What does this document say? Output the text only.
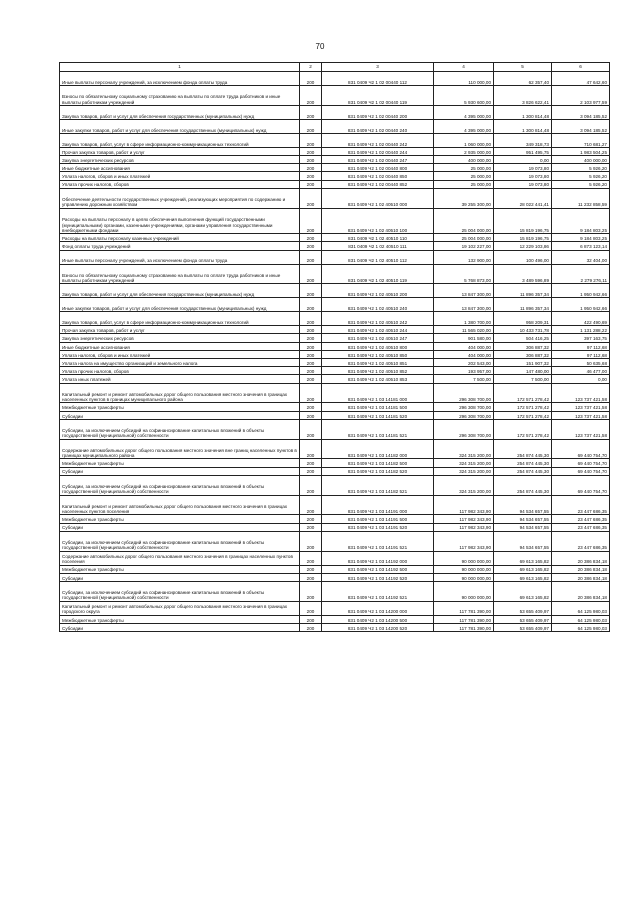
70
1	2	3	4	5	6
Иные выплаты персоналу учреждений, за исключением фонда оплаты труда	200	831 0409 Ч2 1 02 00440 112	110 000,00	62 357,40	47 642,60
Взносы по обязательному социальному страхованию на выплаты по оплате труда работников и иные выплаты работникам учреждений	200	831 0409 Ч2 1 02 00440 119	5 930 600,00	3 826 622,41	2 103 977,59
Закупка товаров, работ и услуг для обеспечения государственных (муниципальных) нужд	200	831 0409 Ч2 1 02 00440 200	4 395 000,00	1 300 814,48	3 094 185,52
Иные закупки товаров, работ и услуг для обеспечения государственных (муниципальных) нужд	200	831 0409 Ч2 1 02 00440 240	4 395 000,00	1 300 814,48	3 094 185,52
Закупка товаров, работ, услуг в сфере информационно-коммуникационных технологий	200	831 0409 Ч2 1 02 00440 242	1 060 000,00	349 318,73	710 681,27
Прочая закупка товаров, работ и услуг	200	831 0409 Ч2 1 02 00440 244	2 935 000,00	951 495,75	1 983 504,25
Закупка энергетических ресурсов	200	831 0409 Ч2 1 02 00440 247	400 000,00	0,00	400 000,00
Иные бюджетные ассигнования	200	831 0409 Ч2 1 02 00440 800	25 000,00	19 073,80	5 926,20
Уплата налогов, сборов и иных платежей	200	831 0409 Ч2 1 02 00440 850	25 000,00	19 073,80	5 926,20
Уплата прочих налогов, сборов	200	831 0409 Ч2 1 02 00440 852	25 000,00	19 073,80	5 926,20
Обеспечение деятельности государственных учреждений, реализующих мероприятия по содержанию и управлению дорожным хозяйством	200	831 0409 Ч2 1 02 40510 000	39 255 300,00	28 022 441,41	11 232 858,59
Расходы на выплаты персоналу в целях обеспечения выполнения функций государственными (муниципальными) органами, казенными учреждениями, органами управления государственными внебюджетными фондами	200	831 0409 Ч2 1 02 40510 100	25 004 000,00	15 819 196,75	9 184 803,25
Расходы на выплаты персоналу казенных учреждений	200	831 0409 Ч2 1 02 40510 110	25 004 000,00	15 819 196,75	9 184 803,25
Фонд оплаты труда учреждений	200	831 0409 Ч2 1 02 40510 111	19 102 227,00	12 229 103,86	6 873 123,14
Иные выплаты персоналу учреждений, за исключением фонда оплаты труда	200	831 0409 Ч2 1 02 40510 112	132 900,00	100 496,00	32 404,00
Взносы по обязательному социальному страхованию на выплаты по оплате труда работников и иные выплаты работникам учреждений	200	831 0409 Ч2 1 02 40510 119	5 768 873,00	3 489 596,89	2 279 276,11
Закупка товаров, работ и услуг для обеспечения государственных (муниципальных) нужд	200	831 0409 Ч2 1 02 40510 200	13 847 300,00	11 896 357,34	1 950 942,66
Иные закупки товаров, работ и услуг для обеспечения государственных (муниципальных) нужд	200	831 0409 Ч2 1 02 40510 240	13 847 300,00	11 896 357,34	1 950 942,66
Закупка товаров, работ, услуг в сфере информационно-коммуникационных технологий	200	831 0409 Ч2 1 02 40510 242	1 380 700,00	958 209,31	422 490,69
Прочая закупка товаров, работ и услуг	200	831 0409 Ч2 1 02 40510 244	11 565 020,00	10 433 731,78	1 131 288,22
Закупка энергетических ресурсов	200	831 0409 Ч2 1 02 40510 247	901 580,00	504 416,25	397 163,75
Иные бюджетные ассигнования	200	831 0409 Ч2 1 02 40510 800	404 000,00	306 887,32	97 112,68
Уплата налогов, сборов и иных платежей	200	831 0409 Ч2 1 02 40510 850	404 000,00	306 887,32	97 112,68
Уплата налога на имущество организаций и земельного налога	200	831 0409 Ч2 1 02 40510 851	202 543,00	151 907,32	50 635,68
Уплата прочих налогов, сборов	200	831 0409 Ч2 1 02 40510 852	193 957,00	147 480,00	46 477,00
Уплата иных платежей	200	831 0409 Ч2 1 02 40510 853	7 500,00	7 500,00	0,00
Капитальный ремонт и ремонт автомобильных дорог общего пользования местного значения в границах населенных пунктов в границах муниципального района	200	831 0409 Ч2 1 03 14181 000	296 308 700,00	172 571 278,42	123 737 421,58
Межбюджетные трансферты	200	831 0409 Ч2 1 03 14181 500	296 308 700,00	172 571 278,42	123 737 421,58
Субсидии	200	831 0409 Ч2 1 03 14181 520	296 308 700,00	172 571 278,42	123 737 421,58
Субсидии, за исключением субсидий на софинансирование капитальных вложений в объекты государственной (муниципальной) собственности	200	831 0409 Ч2 1 03 14181 521	296 308 700,00	172 571 278,42	123 737 421,58
Содержание автомобильных дорог общего пользования местного значения вне границ населенных пунктов в границах муниципального района	200	831 0409 Ч2 1 03 14182 000	324 315 200,00	254 874 445,30	69 440 754,70
Межбюджетные трансферты	200	831 0409 Ч2 1 03 14182 500	324 315 200,00	254 874 445,30	69 440 754,70
Субсидии	200	831 0409 Ч2 1 03 14182 520	324 315 200,00	254 874 445,30	69 440 754,70
Субсидии, за исключением субсидий на софинансирование капитальных вложений в объекты государственной (муниципальной) собственности	200	831 0409 Ч2 1 03 14182 521	324 315 200,00	254 874 445,30	69 440 754,70
Капитальный ремонт и ремонт автомобильных дорог общего пользования местного значения в границах населенных пунктов поселения	200	831 0409 Ч2 1 03 14191 000	117 982 343,90	94 534 657,55	23 447 686,35
Межбюджетные трансферты	200	831 0409 Ч2 1 03 14191 500	117 982 343,90	94 534 657,55	23 447 686,35
Субсидии	200	831 0409 Ч2 1 03 14191 520	117 982 343,90	94 534 657,55	23 447 686,35
Субсидии, за исключением субсидий на софинансирование капитальных вложений в объекты государственной (муниципальной) собственности	200	831 0409 Ч2 1 03 14191 521	117 982 343,90	94 534 657,55	23 447 686,35
Содержание автомобильных дорог общего пользования местного значения в границах населенных пунктов поселения	200	831 0409 Ч2 1 03 14192 000	90 000 000,00	69 613 165,82	20 386 834,18
Межбюджетные трансферты	200	831 0409 Ч2 1 03 14192 500	90 000 000,00	69 613 165,82	20 386 834,18
Субсидии	200	831 0409 Ч2 1 03 14192 520	90 000 000,00	69 613 165,82	20 386 834,18
Субсидии, за исключением субсидий на софинансирование капитальных вложений в объекты государственной (муниципальной) собственности	200	831 0409 Ч2 1 03 14192 521	90 000 000,00	69 613 165,82	20 386 834,18
Капитальный ремонт и ремонт автомобильных дорог общего пользования местного значения в границах городского округа	200	831 0409 Ч2 1 03 14200 000	117 781 390,00	53 655 409,97	64 125 980,03
Межбюджетные трансферты	200	831 0409 Ч2 1 03 14200 500	117 781 390,00	53 655 409,97	64 125 980,03
Субсидии	200	831 0409 Ч2 1 03 14200 520	117 781 390,00	53 655 409,97	64 125 980,03
